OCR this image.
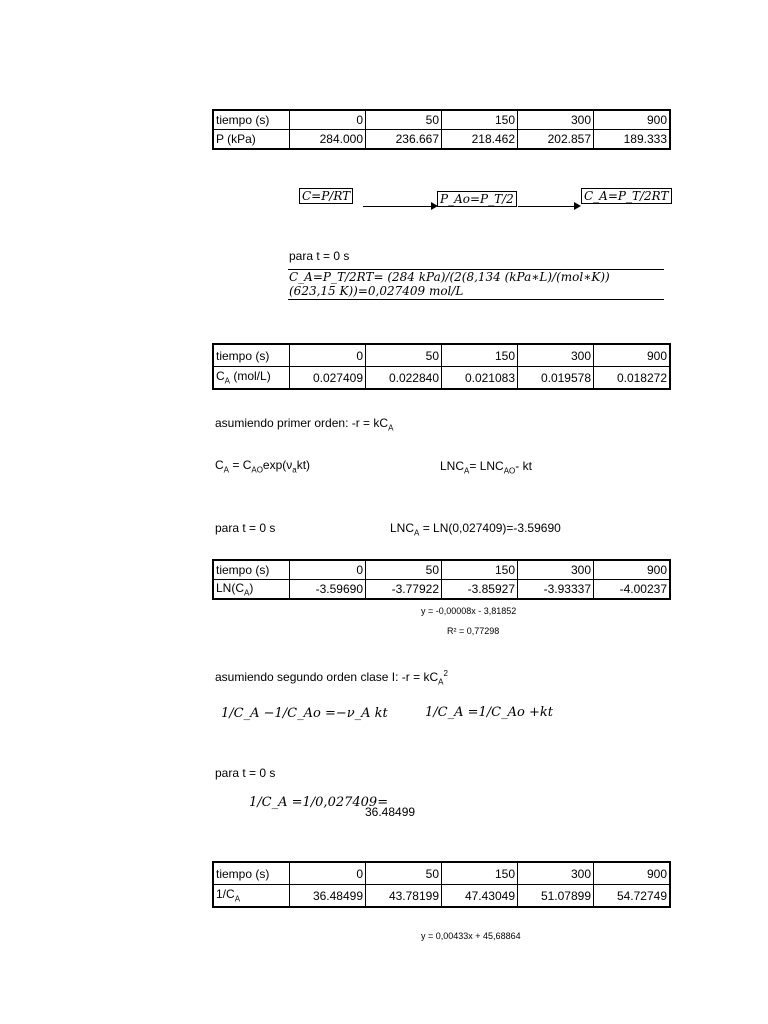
tiempo (s)	0	50	150	300	900
P (kPa)	284.000	236.667	218.462	202.857	189.333
C=P/RT	P_Ao=P_T/2	C_A=P_T/2RT
para t = 0 s
C_A=P_T/2RT= (284 kPa)/(2(8,134 (kPa∗L)/(mol∗K))
(623,15 K))=0,027409 mol/L
tiempo (s)	0	50	150	300	900
$C_A$ (mol/L)	0.027409	0.022840	0.021083	0.019578	0.018272
asumiendo primer orden: $-r = kC_A$
$C_A = C_{AO}\exp(\nu_akt)$	$LNC_A= LNC_{AO}-$ kt
para t = 0 s	$LNC_A = LN(0,027409)=-3.59690$
tiempo (s)	0	50	150	300	900
$LN(C_A)$	-3.59690	-3.77922	-3.85927	-3.93337	-4.00237
y = -0,00008x - 3,81852
R² = 0,77298
asumiendo segundo orden clase I: $-r = kC_A^2$
1/C_A −1/C_Ao =−ν_A kt	1/C_A =1/C_Ao +kt
para t = 0 s
1/C_A =1/0,027409=
36.48499
tiempo (s)	0	50	150	300	900
$1/C_A$	36.48499	43.78199	47.43049	51.07899	54.72749
y = 0,00433x + 45,68864
